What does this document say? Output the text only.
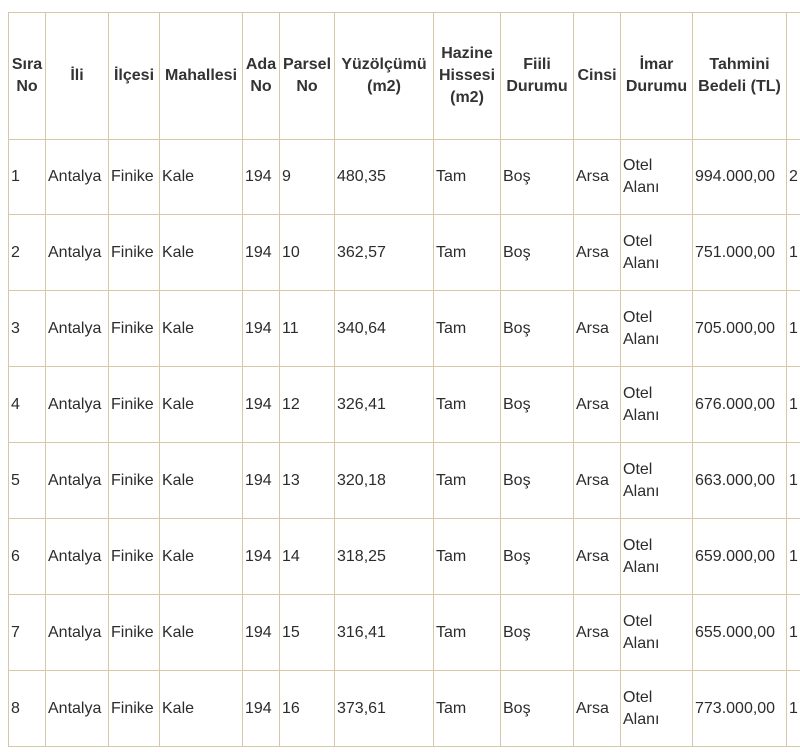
Sıra No	İli	İlçesi	Mahallesi	Ada No	Parsel No	Yüzölçümü (m2)	Hazine Hissesi (m2)	Fiili Durumu	Cinsi	İmar Durumu	Tahmini Bedeli (TL)	
1	Antalya	Finike	Kale	194	9	480,35	Tam	Boş	Arsa	Otel Alanı	994.000,00	2
2	Antalya	Finike	Kale	194	10	362,57	Tam	Boş	Arsa	Otel Alanı	751.000,00	1
3	Antalya	Finike	Kale	194	11	340,64	Tam	Boş	Arsa	Otel Alanı	705.000,00	1
4	Antalya	Finike	Kale	194	12	326,41	Tam	Boş	Arsa	Otel Alanı	676.000,00	1
5	Antalya	Finike	Kale	194	13	320,18	Tam	Boş	Arsa	Otel Alanı	663.000,00	1
6	Antalya	Finike	Kale	194	14	318,25	Tam	Boş	Arsa	Otel Alanı	659.000,00	1
7	Antalya	Finike	Kale	194	15	316,41	Tam	Boş	Arsa	Otel Alanı	655.000,00	1
8	Antalya	Finike	Kale	194	16	373,61	Tam	Boş	Arsa	Otel Alanı	773.000,00	1
